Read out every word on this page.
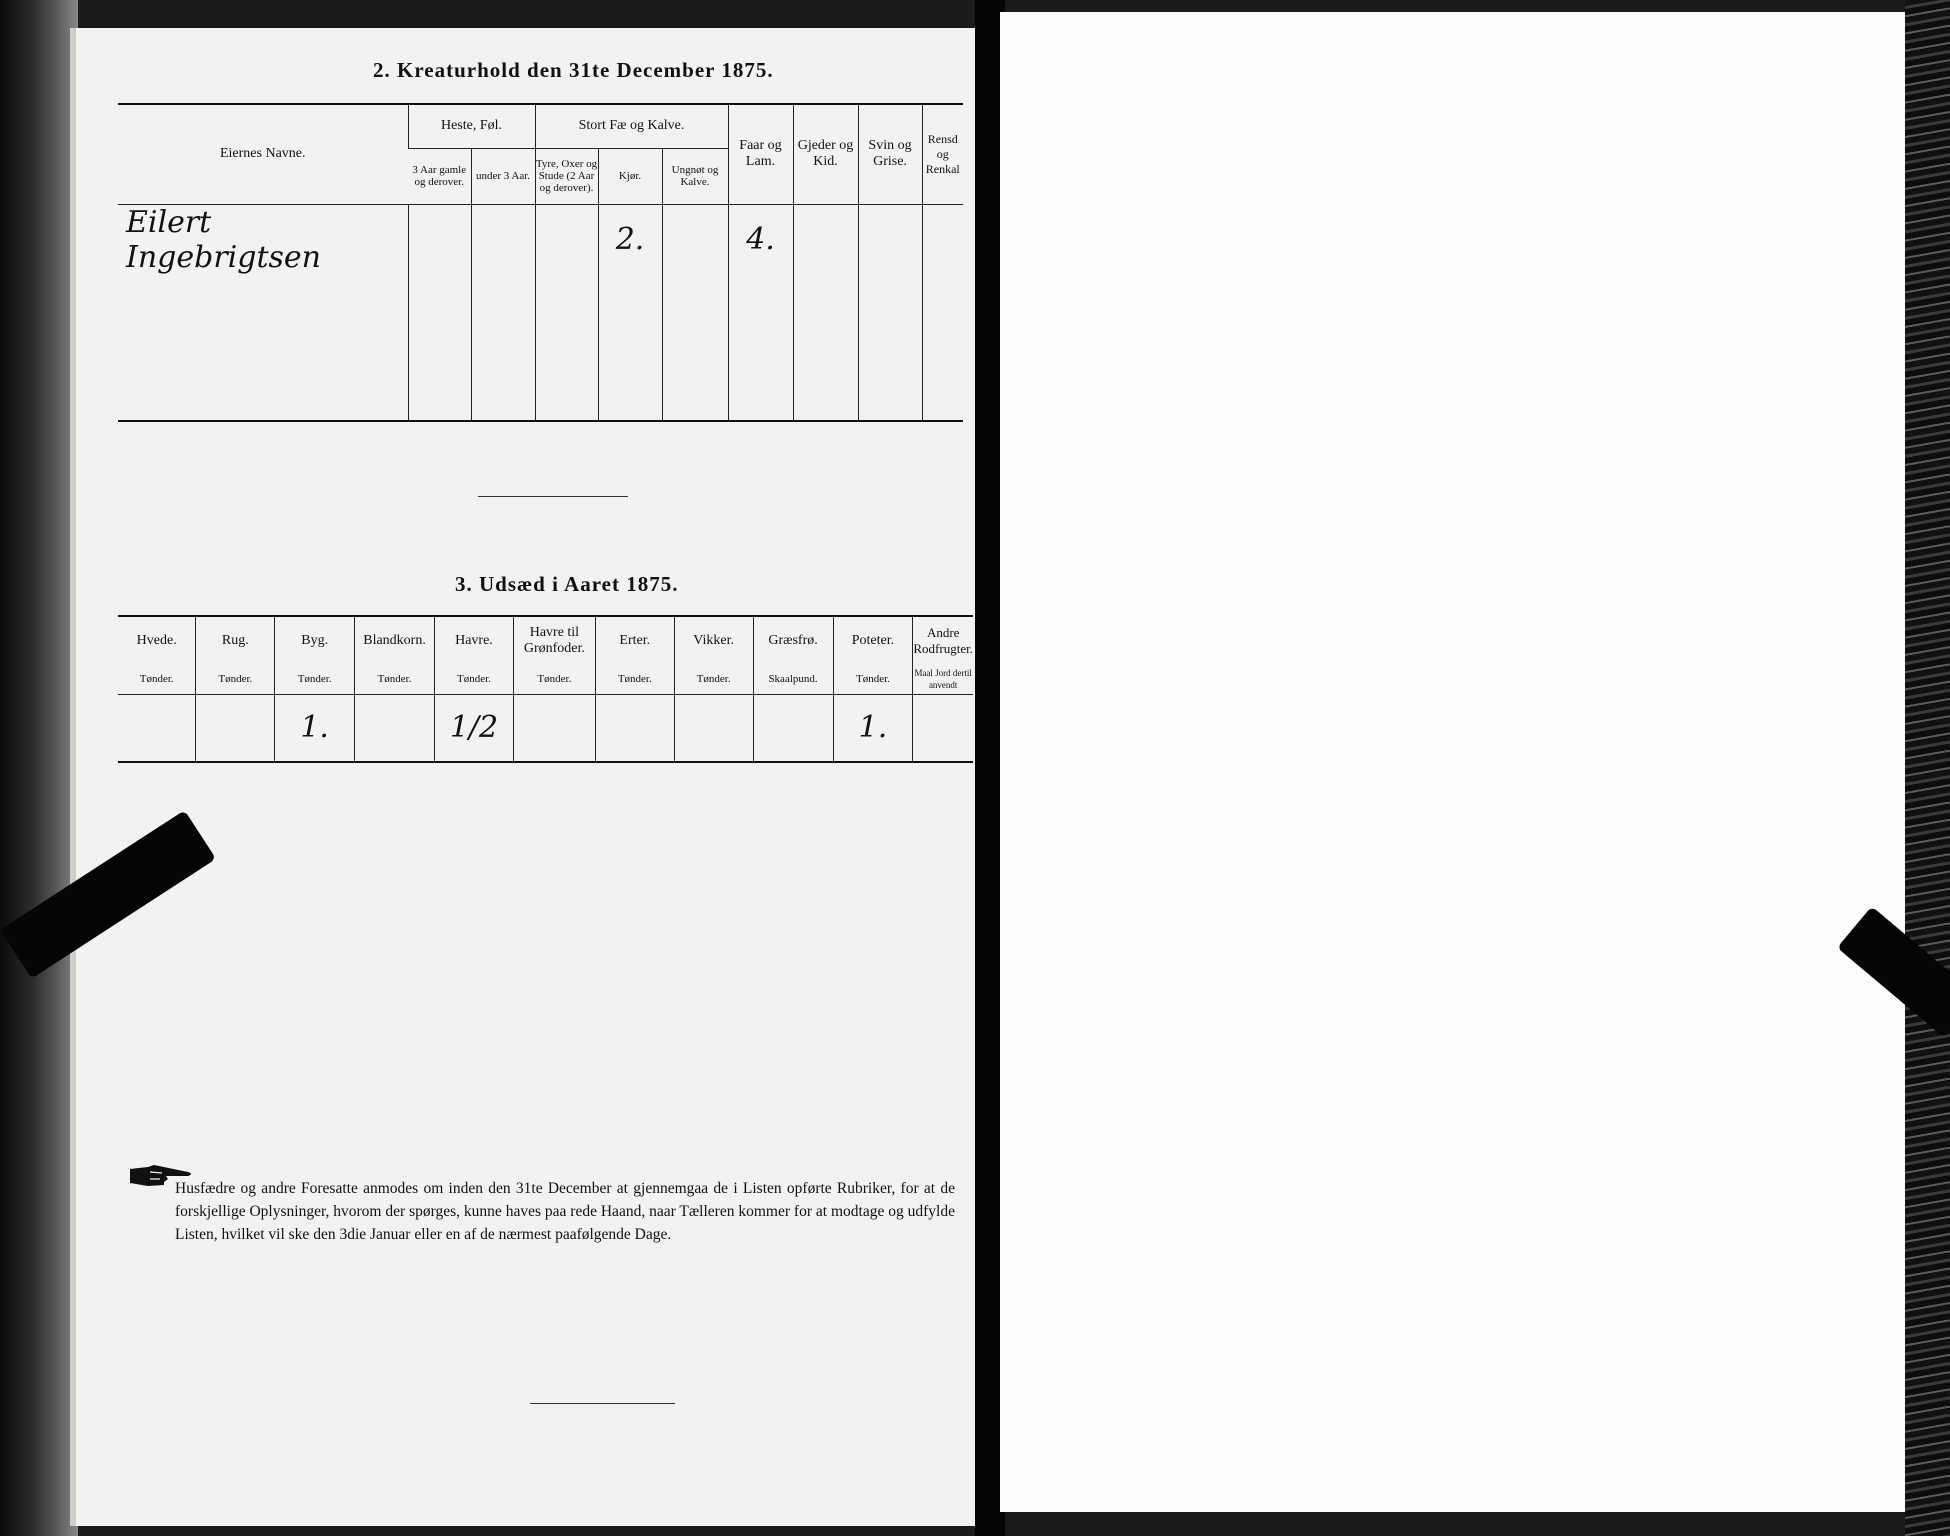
2. Kreaturhold den 31te December 1875.
Eiernes Navne.	Heste, Føl.		Stort Fæ og Kalve.			Faar og Lam.	Gjeder og Kid.	Svin og Grise.	Rensd og Renkal
	3 Aar gamle og derover.	under 3 Aar.	Tyre, Oxer og Stude (2 Aar og derover).	Kjør.	Ungnøt og Kalve.				
Eilert Ingebrigtsen				2.		4.			

3. Udsæd i Aaret 1875.
Hvede.	Rug.	Byg.	Blandkorn.	Havre.	Havre til Grønfoder.	Erter.	Vikker.	Græsfrø.	Poteter.	Andre Rodfrugter.
Tønder.	Tønder.	Tønder.	Tønder.	Tønder.	Tønder.	Tønder.	Tønder.	Skaalpund.	Tønder.	Maal Jord dertil anvendt
		1.		1/2					1.	
Husfædre og andre Foresatte anmodes om inden den 31te December at gjennemgaa de i Listen opførte Rubriker, for at de forskjellige Oplysninger, hvorom der spørges, kunne haves paa rede Haand, naar Tælleren kommer for at modtage og udfylde Listen, hvilket vil ske den 3die Januar eller en af de nærmest paafølgende Dage.
